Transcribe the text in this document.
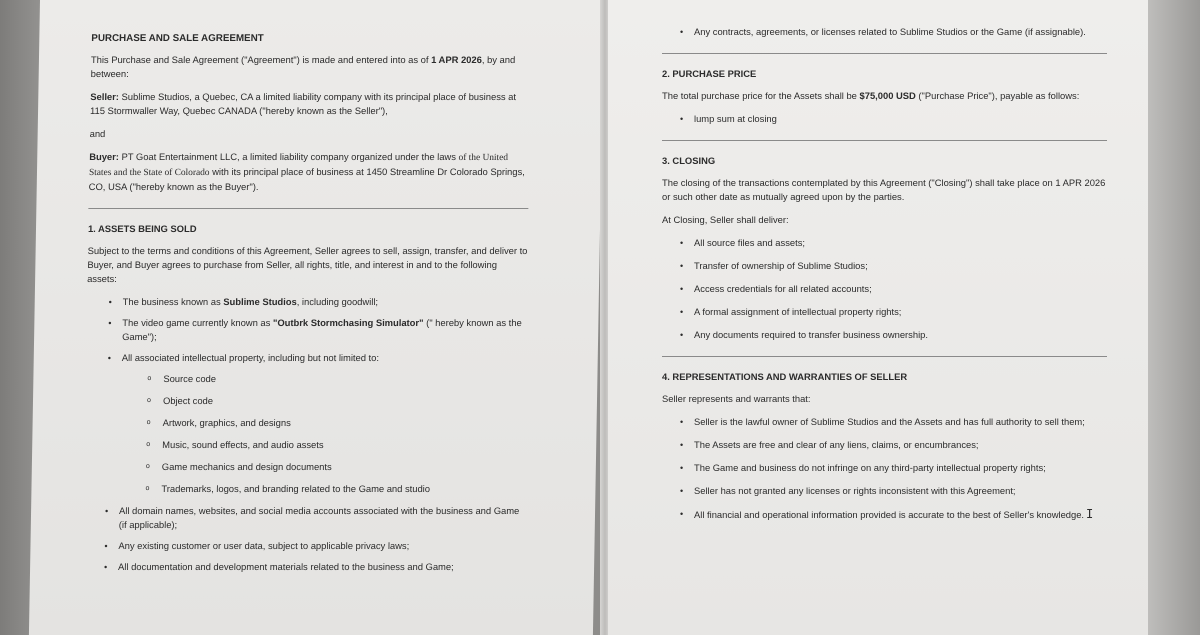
PURCHASE AND SALE AGREEMENT

This Purchase and Sale Agreement ("Agreement") is made and entered into as of 1 APR 2026, by and between:

Seller: Sublime Studios, a Quebec, CA a limited liability company with its principal place of business at 115 Stormwaller Way, Quebec CANADA ("hereby known as the Seller"),

and

Buyer: PT Goat Entertainment LLC, a limited liability company organized under the laws of the United States and the State of Colorado with its principal place of business at 1450 Streamline Dr Colorado Springs, CO, USA ("hereby known as the Buyer").

1. ASSETS BEING SOLD

Subject to the terms and conditions of this Agreement, Seller agrees to sell, assign, transfer, and deliver to Buyer, and Buyer agrees to purchase from Seller, all rights, title, and interest in and to the following assets:

• The business known as Sublime Studios, including goodwill;
• The video game currently known as "Outbrk Stormchasing Simulator" (" hereby known as the Game");
• All associated intellectual property, including but not limited to:
o Source code
o Object code
o Artwork, graphics, and designs
o Music, sound effects, and audio assets
o Game mechanics and design documents
o Trademarks, logos, and branding related to the Game and studio
• All domain names, websites, and social media accounts associated with the business and Game (if applicable);
• Any existing customer or user data, subject to applicable privacy laws;
• All documentation and development materials related to the business and Game;
• Any contracts, agreements, or licenses related to Sublime Studios or the Game (if assignable).

2. PURCHASE PRICE

The total purchase price for the Assets shall be $75,000 USD ("Purchase Price"), payable as follows:

• lump sum at closing

3. CLOSING

The closing of the transactions contemplated by this Agreement ("Closing") shall take place on 1 APR 2026 or such other date as mutually agreed upon by the parties.

At Closing, Seller shall deliver:

• All source files and assets;
• Transfer of ownership of Sublime Studios;
• Access credentials for all related accounts;
• A formal assignment of intellectual property rights;
• Any documents required to transfer business ownership.

4. REPRESENTATIONS AND WARRANTIES OF SELLER

Seller represents and warrants that:

• Seller is the lawful owner of Sublime Studios and the Assets and has full authority to sell them;
• The Assets are free and clear of any liens, claims, or encumbrances;
• The Game and business do not infringe on any third-party intellectual property rights;
• Seller has not granted any licenses or rights inconsistent with this Agreement;
• All financial and operational information provided is accurate to the best of Seller's knowledge. I
